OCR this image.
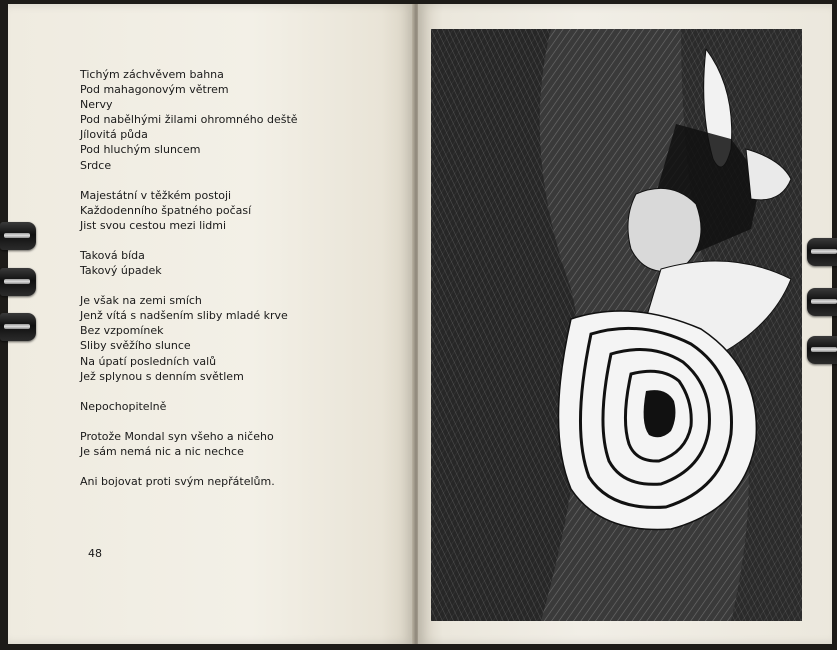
Tichým záchvěvem bahna
Pod mahagonovým větrem
Nervy
Pod nabělhými žilami ohromného deště
Jílovitá půda
Pod hluchým sluncem
Srdce
Majestátní v těžkém postoji
Každodenního špatného počasí
Jist svou cestou mezi lidmi
Taková bída
Takový úpadek
Je však na zemi smích
Jenž vítá s nadšením sliby mladé krve
Bez vzpomínek
Sliby svěžího slunce
Na úpatí posledních valů
Jež splynou s denním světlem
Nepochopitelně
Protože Mondal syn všeho a ničeho
Je sám nemá nic a nic nechce
Ani bojovat proti svým nepřátelům.
48
